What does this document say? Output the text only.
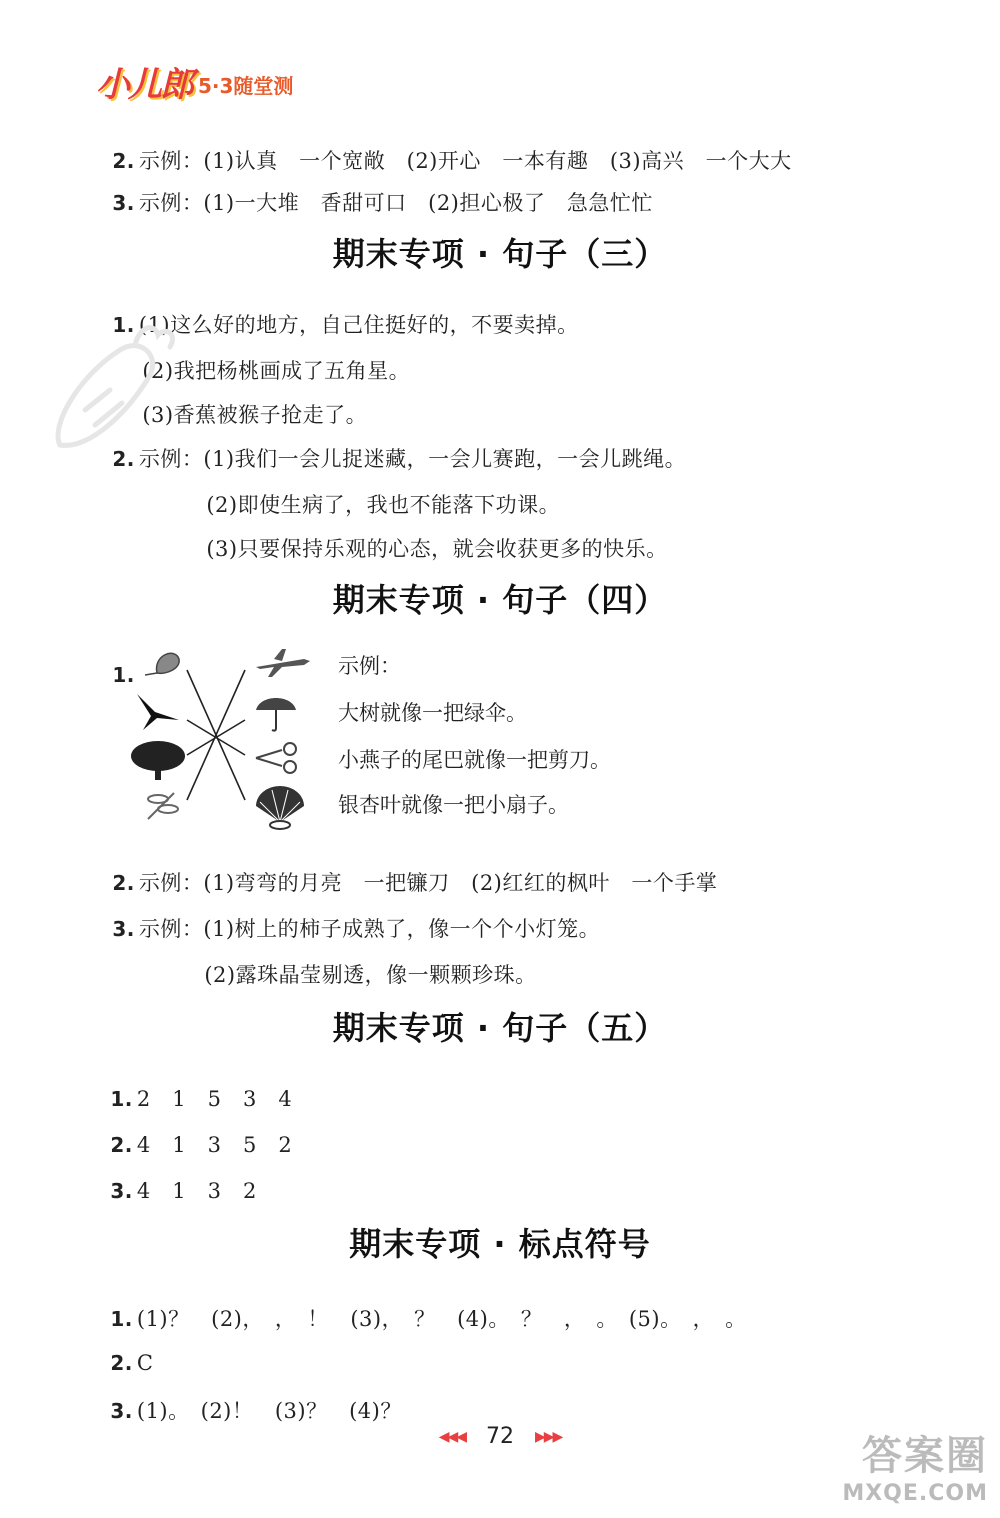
小儿郎 5·3随堂测

2. 示例：(1)认真　一个宽敞　(2)开心　一本有趣　(3)高兴　一个大大

3. 示例：(1)一大堆　香甜可口　(2)担心极了　急急忙忙

期末专项 · 句子（三）

1. (1)这么好的地方，自己住挺好的，不要卖掉。

(2)我把杨桃画成了五角星。

(3)香蕉被猴子抢走了。

2. 示例：(1)我们一会儿捉迷藏，一会儿赛跑，一会儿跳绳。

(2)即使生病了，我也不能落下功课。

(3)只要保持乐观的心态，就会收获更多的快乐。

期末专项 · 句子（四）

1.	示例：
大树就像一把绿伞。
小燕子的尾巴就像一把剪刀。
银杏叶就像一把小扇子。

2. 示例：(1)弯弯的月亮　一把镰刀　(2)红红的枫叶　一个手掌

3. 示例：(1)树上的柿子成熟了，像一个个小灯笼。

(2)露珠晶莹剔透，像一颗颗珍珠。

期末专项 · 句子（五）

1. 2　1　5　3　4

2. 4　1　3　5　2

3. 4　1　3　2

期末专项 · 标点符号

1. (1)？　(2)，　，　！　(3)，　？　(4)。　？　，　。　(5)。　，　。

2. C

3. (1)。　(2)！　(3)？　(4)？

◀◀◀ 72 ▶▶▶	答案圈
MXQE.COM
